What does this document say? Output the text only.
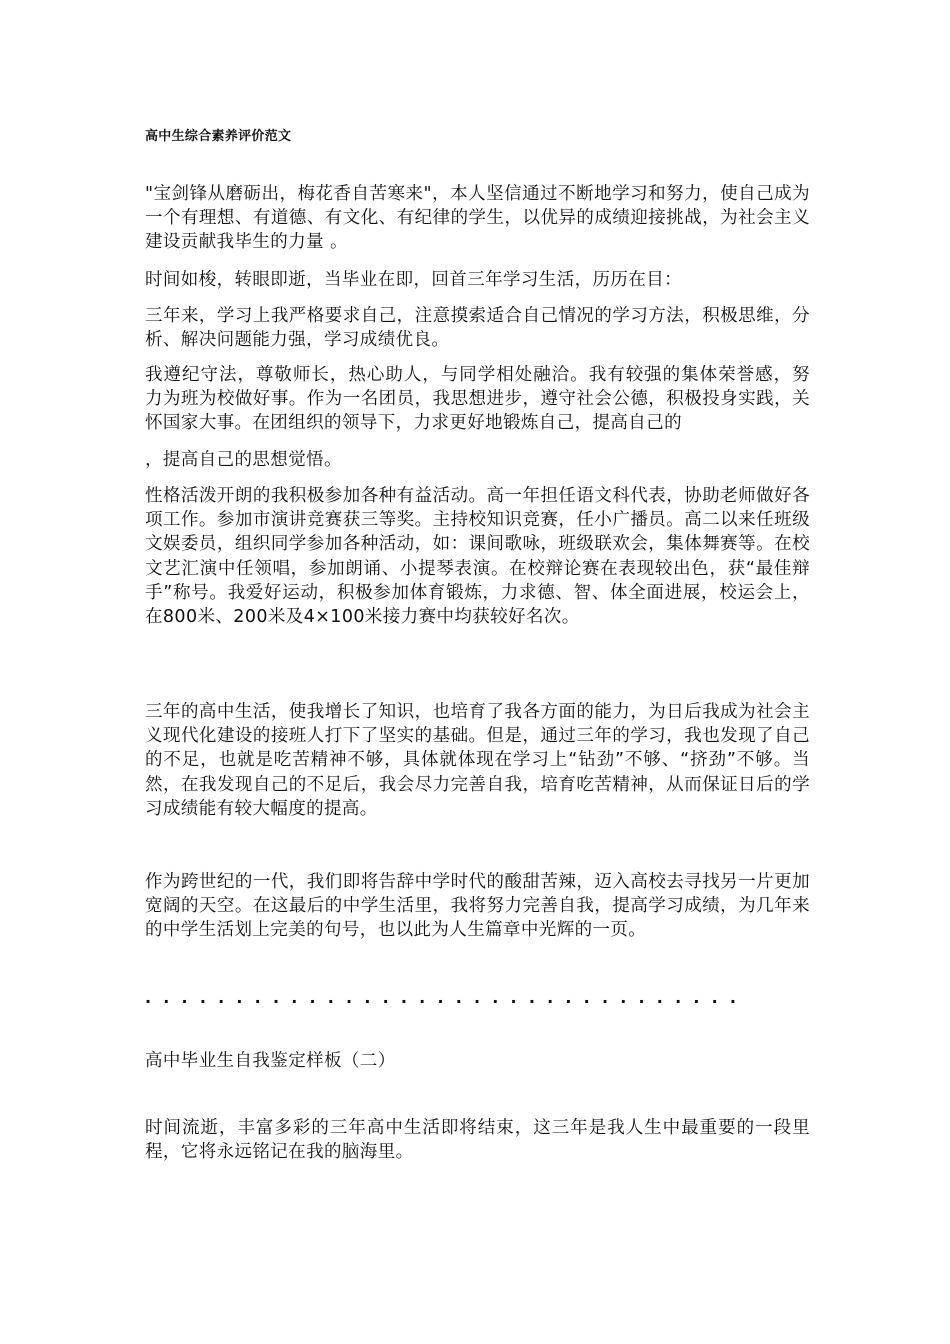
高中生综合素养评价范文
"宝剑锋从磨砺出，梅花香自苦寒来"，本人坚信通过不断地学习和努力，使自己成为一个有理想、有道德、有文化、有纪律的学生，以优异的成绩迎接挑战，为社会主义建设贡献我毕生的力量 。
时间如梭，转眼即逝，当毕业在即，回首三年学习生活，历历在目：
三年来，学习上我严格要求自己，注意摸索适合自己情况的学习方法，积极思维，分析、解决问题能力强，学习成绩优良。
我遵纪守法，尊敬师长，热心助人，与同学相处融洽。我有较强的集体荣誉感，努 力为班为校做好事。作为一名团员，我思想进步，遵守社会公德，积极投身实践，关怀国家大事。在团组织的领导下，力求更好地锻炼自己，提高自己的
，提高自己的思想觉悟。
性格活泼开朗的我积极参加各种有益活动。高一年担任语文科代表，协助老师做好各项工作。参加市演讲竞赛获三等奖。主持校知识竞赛，任小广播员。高二以来任班级文娱委员，组织同学参加各种活动，如：课间歌咏，班级联欢会，集体舞赛等。在校文艺汇演中任领唱，参加朗诵、小提琴表演。在校辩论赛在表现较出色，获“最佳辩手”称号。我爱好运动，积极参加体育锻炼，力求德、智、体全面进展，校运会上，在800米、200米及4×100米接力赛中均获较好名次。
三年的高中生活，使我增长了知识，也培育了我各方面的能力，为日后我成为社会主义现代化建设的接班人打下了坚实的基础。但是，通过三年的学习，我也发现了自己的不足，也就是吃苦精神不够，具体就体现在学习上“钻劲”不够、“挤劲”不够。当然，在我发现自己的不足后，我会尽力完善自我，培育吃苦精神，从而保证日后的学习成绩能有较大幅度的提高。
作为跨世纪的一代，我们即将告辞中学时代的酸甜苦辣，迈入高校去寻找另一片更加宽阔的天空。在这最后的中学生活里，我将努力完善自我，提高学习成绩，为几年来的中学生活划上完美的句号，也以此为人生篇章中光辉的一页。
.................................
高中毕业生自我鉴定样板（二）
时间流逝，丰富多彩的三年高中生活即将结束，这三年是我人生中最重要的一段里程，它将永远铭记在我的脑海里。
